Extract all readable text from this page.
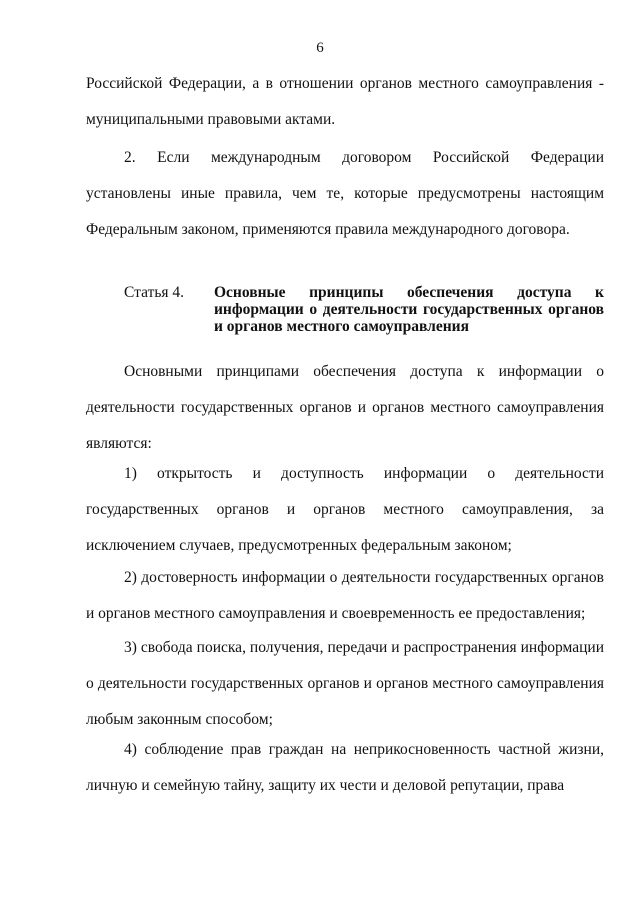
6

Российской Федерации, а в отношении органов местного самоуправления - муниципальными правовыми актами.

2. Если международным договором Российской Федерации установлены иные правила, чем те, которые предусмотрены настоящим Федеральным законом, применяются правила международного договора.

Статья 4.	Основные принципы обеспечения доступа к информации о деятельности государственных органов и органов местного самоуправления

Основными принципами обеспечения доступа к информации о деятельности государственных органов и органов местного самоуправления являются:

1) открытость и доступность информации о деятельности государственных органов и органов местного самоуправления, за исключением случаев, предусмотренных федеральным законом;

2) достоверность информации о деятельности государственных органов и органов местного самоуправления и своевременность ее предоставления;

3) свобода поиска, получения, передачи и распространения информации о деятельности государственных органов и органов местного самоуправления любым законным способом;

4) соблюдение прав граждан на неприкосновенность частной жизни, личную и семейную тайну, защиту их чести и деловой репутации, права
